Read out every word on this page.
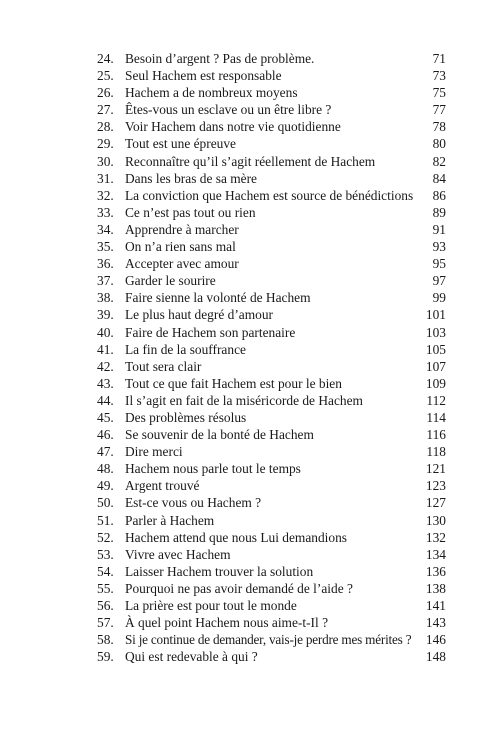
24. Besoin d’argent ? Pas de problème.	71
25. Seul Hachem est responsable	73
26. Hachem a de nombreux moyens	75
27. Êtes-vous un esclave ou un être libre ?	77
28. Voir Hachem dans notre vie quotidienne	78
29. Tout est une épreuve	80
30. Reconnaître qu’il s’agit réellement de Hachem	82
31. Dans les bras de sa mère	84
32. La conviction que Hachem est source de bénédictions 86
33. Ce n’est pas tout ou rien	89
34. Apprendre à marcher	91
35. On n’a rien sans mal	93
36. Accepter avec amour	95
37. Garder le sourire	97
38. Faire sienne la volonté de Hachem	99
39. Le plus haut degré d’amour	101
40. Faire de Hachem son partenaire	103
41. La fin de la souffrance	105
42. Tout sera clair	107
43. Tout ce que fait Hachem est pour le bien	109
44. Il s’agit en fait de la miséricorde de Hachem	112
45. Des problèmes résolus	114
46. Se souvenir de la bonté de Hachem	116
47. Dire merci	118
48. Hachem nous parle tout le temps	121
49. Argent trouvé	123
50. Est-ce vous ou Hachem ?	127
51. Parler à Hachem	130
52. Hachem attend que nous Lui demandions	132
53. Vivre avec Hachem	134
54. Laisser Hachem trouver la solution	136
55. Pourquoi ne pas avoir demandé de l’aide ?	138
56. La prière est pour tout le monde	141
57. À quel point Hachem nous aime-t-Il ?	143
58. Si je continue de demander, vais-je perdre mes mérites ? 146
59. Qui est redevable à qui ?	148
